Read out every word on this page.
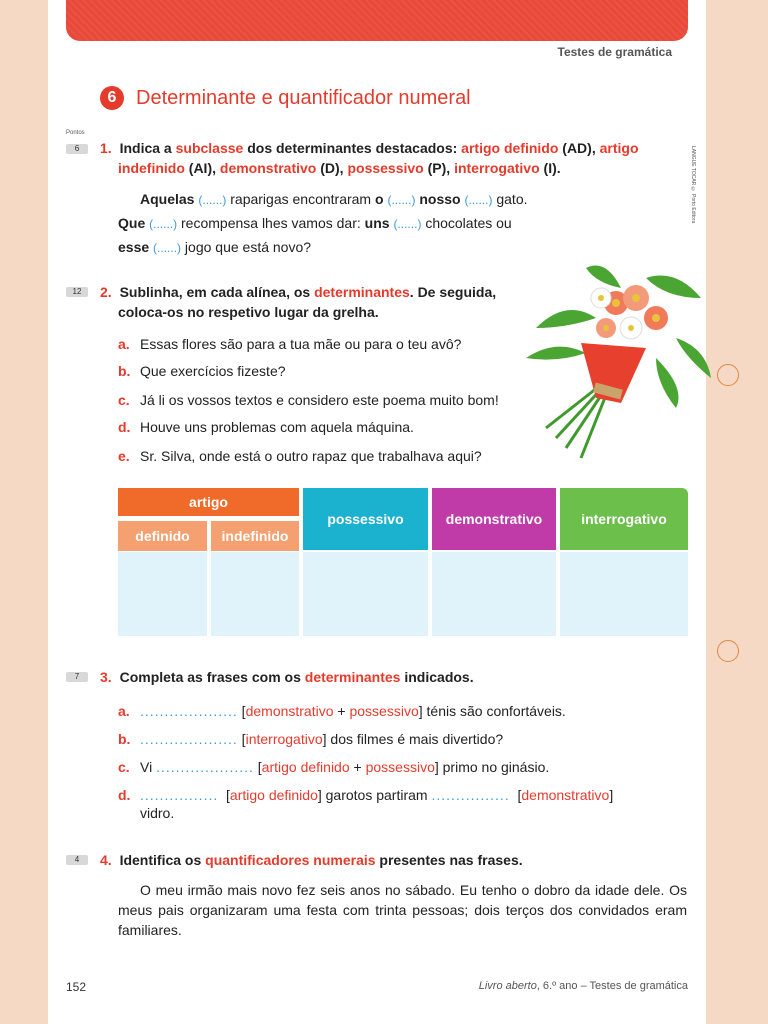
Testes de gramática
6 Determinante e quantificador numeral
LANGUE TOCAR © Porto Editora
Pontos
6	1. Indica a subclasse dos determinantes destacados: artigo definido (AD), artigo
indefinido (AI), demonstrativo (D), possessivo (P), interrogativo (I).
Aquelas (......) raparigas encontraram o (......) nosso (......) gato.
Que (......) recompensa lhes vamos dar: uns (......) chocolates ou
esse (......) jogo que está novo?
12	2. Sublinha, em cada alínea, os determinantes. De seguida,
coloca-os no respetivo lugar da grelha.
a. Essas flores são para a tua mãe ou para o teu avô?
b. Que exercícios fizeste?
c. Já li os vossos textos e considero este poema muito bom!
d. Houve uns problemas com aquela máquina.
e. Sr. Silva, onde está o outro rapaz que trabalhava aqui?
artigo
definido	indefinido
possessivo	demonstrativo	interrogativo
7	3. Completa as frases com os determinantes indicados.
a. .................... [demonstrativo + possessivo] ténis são confortáveis.
b. .................... [interrogativo] dos filmes é mais divertido?
c. Vi .................... [artigo definido + possessivo] primo no ginásio.
d. ................  [artigo definido] garotos partiram ................  [demonstrativo]
vidro.
4	4. Identifica os quantificadores numerais presentes nas frases.
O meu irmão mais novo fez seis anos no sábado. Eu tenho o dobro da idade dele. Os meus pais organizaram uma festa com trinta pessoas; dois terços dos convidados eram familiares.
152	Livro aberto, 6.º ano – Testes de gramática
